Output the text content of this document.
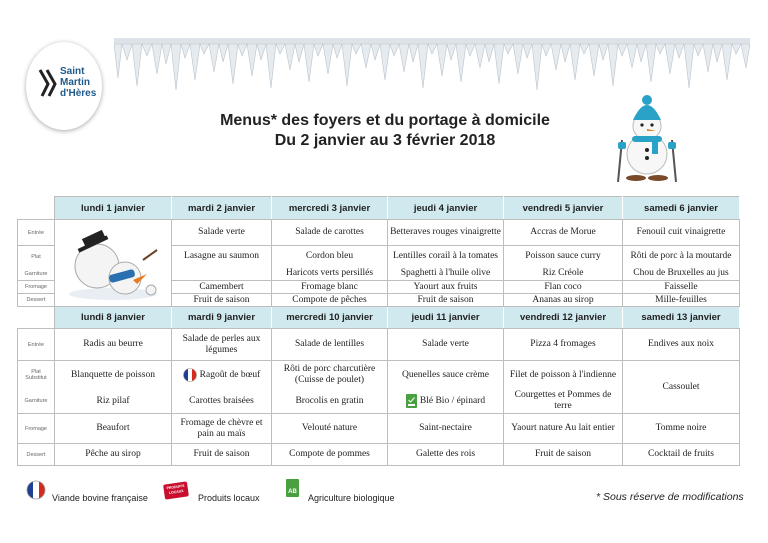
Saint
Martin
d'Hères
Menus* des foyers et du portage à domicile
Du 2 janvier au 3 février 2018
	lundi 1 janvier	mardi 2 janvier	mercredi 3 janvier	jeudi 4 janvier	vendredi 5 janvier	samedi 6 janvier
Entrée		Salade verte	Salade de carottes	Betteraves rouges vinaigrette	Accras de Morue	Fenouil cuit vinaigrette
Plat		Lasagne au saumon	Cordon bleu	Lentilles corail à la tomates	Poisson sauce curry	Rôti de porc à la moutarde
Garniture			Haricots verts persillés	Spaghetti à l'huile olive	Riz Créole	Chou de Bruxelles au jus
Fromage		Camembert	Fromage blanc	Yaourt aux fruits	Flan coco	Faisselle
Dessert		Fruit de saison	Compote de pêches	Fruit de saison	Ananas au sirop	Mille-feuilles
	lundi 8 janvier	mardi 9 janvier	mercredi 10 janvier	jeudi 11 janvier	vendredi 12 janvier	samedi 13 janvier
Entrée	Radis au beurre	Salade de perles aux légumes	Salade de lentilles	Salade verte	Pizza 4 fromages	Endives aux noix

Plat
Substitut	Blanquette de poisson	Ragoût de bœuf	Rôti de porc charcutière (Cuisse de poulet)	Quenelles sauce crème	Filet de poisson à l'indienne	Cassoulet
Garniture	Riz pilaf	Carottes braisées	Brocolis en gratin	Blé Bio / épinard	Courgettes et Pommes de terre	
Fromage	Beaufort	Fromage de chèvre et pain au maïs	Velouté nature	Saint-nectaire	Yaourt nature Au lait entier	Tomme noire
Dessert	Pêche au sirop	Fruit de saison	Compote de pommes	Galette des rois	Fruit de saison	Cocktail de fruits
Viande bovine française
PRODUITS LOCAUX
Produits locaux
AB
Agriculture biologique	* Sous réserve de modifications
